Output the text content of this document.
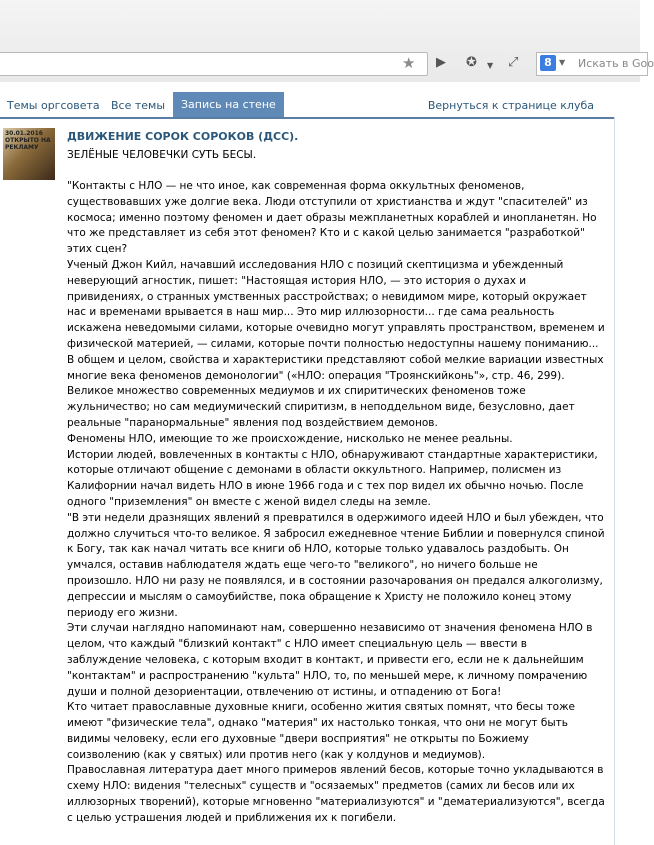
★ ▶ ✪ ▼ ⤢	8 ▼ Искать в Goo
Темы оргсовета Все темы	Запись на стене	Вернуться к странице клуба
30.01.2016 ОТКРЫТО НА РЕКЛАМУ
ДВИЖЕНИЕ СОРОК СОРОКОВ (ДСС).
ЗЕЛЁНЫЕ ЧЕЛОВЕЧКИ СУТЬ БЕСЫ.

"Контакты с НЛО — не что иное, как современная форма оккультных феноменов, существовавших уже долгие века. Люди отступили от христианства и ждут "спасителей" из космоса; именно поэтому феномен и дает образы межпланетных кораблей и инопланетян. Но что же представляет из себя этот феномен? Кто и с какой целью занимается "разработкой" этих сцен?

Ученый Джон Кийл, начавший исследования НЛО с позиций скептицизма и убежденный неверующий агностик, пишет: "Настоящая история НЛО, — это история о духах и привидениях, о странных умственных расстройствах; о невидимом мире, который окружает нас и временами врывается в наш мир... Это мир иллюзорности... где сама реальность искажена неведомыми силами, которые очевидно могут управлять пространством, временем и физической материей, — силами, которые почти полностью недоступны нашему пониманию... В общем и целом, свойства и характеристики представляют собой мелкие вариации известных многие века феноменов демонологии" («НЛО: операция "Троянскийконь"», стр. 46, 299).

Великое множество современных медиумов и их спиритических феноменов тоже жульничество; но сам медиумический спиритизм, в неподдельном виде, безусловно, дает реальные "паранормальные" явления под воздействием демонов.

Феномены НЛО, имеющие то же происхождение, нисколько не менее реальны.

Истории людей, вовлеченных в контакты с НЛО, обнаруживают стандартные характеристики, которые отличают общение с демонами в области оккультного. Например, полисмен из Калифорнии начал видеть НЛО в июне 1966 года и с тех пор видел их обычно ночью. После одного "приземления" он вместе с женой видел следы на земле.

"В эти недели дразнящих явлений я превратился в одержимого идеей НЛО и был убежден, что должно случиться что-то великое. Я забросил ежедневное чтение Библии и повернулся спиной к Богу, так как начал читать все книги об НЛО, которые только удавалось раздобыть. Он умчался, оставив наблюдателя ждать еще чего-то "великого", но ничего больше не произошло. НЛО ни разу не появлялся, и в состоянии разочарования он предался алкоголизму, депрессии и мыслям о самоубийстве, пока обращение к Христу не положило конец этому периоду его жизни.

Эти случаи наглядно напоминают нам, совершенно независимо от значения феномена НЛО в целом, что каждый "близкий контакт" с НЛО имеет специальную цель — ввести в заблуждение человека, с которым входит в контакт, и привести его, если не к дальнейшим "контактам" и распространению "культа" НЛО, то, по меньшей мере, к личному помрачению души и полной дезориентации, отвлечению от истины, и отпадению от Бога!

Кто читает православные духовные книги, особенно жития святых помнят, что бесы тоже имеют "физические тела", однако "материя" их настолько тонкая, что они не могут быть видимы человеку, если его духовные "двери восприятия" не открыты по Божиему соизволению (как у святых) или против него (как у колдунов и медиумов).

Православная литература дает много примеров явлений бесов, которые точно укладываются в схему НЛО: видения "телесных" существ и "осязаемых" предметов (самих ли бесов или их иллюзорных творений), которые мгновенно "материализуются" и "дематериализуются", всегда с целью устрашения людей и приближения их к погибели.
